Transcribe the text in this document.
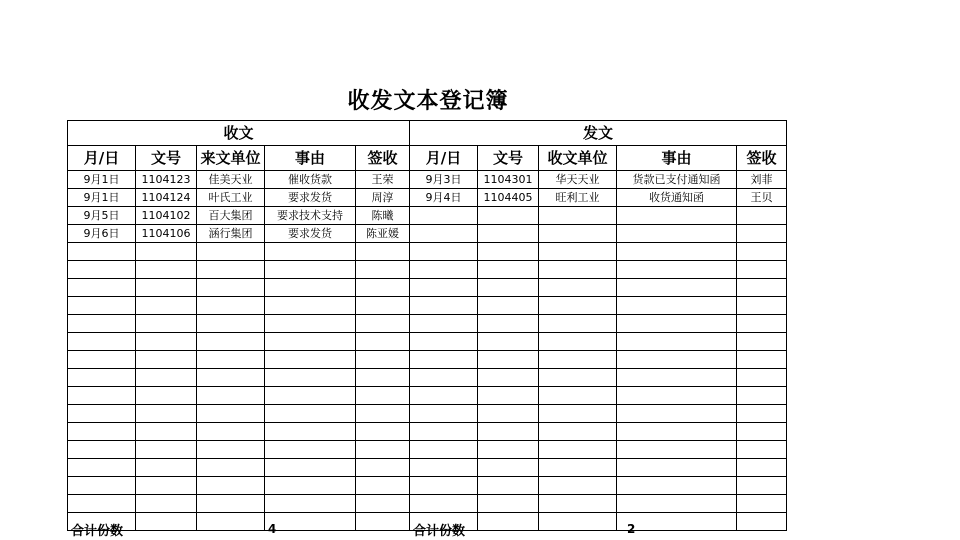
收发文本登记簿
收文					发文				
月/日	文号	来文单位	事由	签收	月/日	文号	收文单位	事由	签收
9月1日	1104123	佳美天业	催收货款	王荣	9月3日	1104301	华天天业	货款已支付通知函	刘菲
9月1日	1104124	叶氏工业	要求发货	周淳	9月4日	1104405	旺利工业	收货通知函	王贝
9月5日	1104102	百大集团	要求技术支持	陈曦					
9月6日	1104106	涵行集团	要求发货	陈亚媛					

合计份数	4	合计份数	2
